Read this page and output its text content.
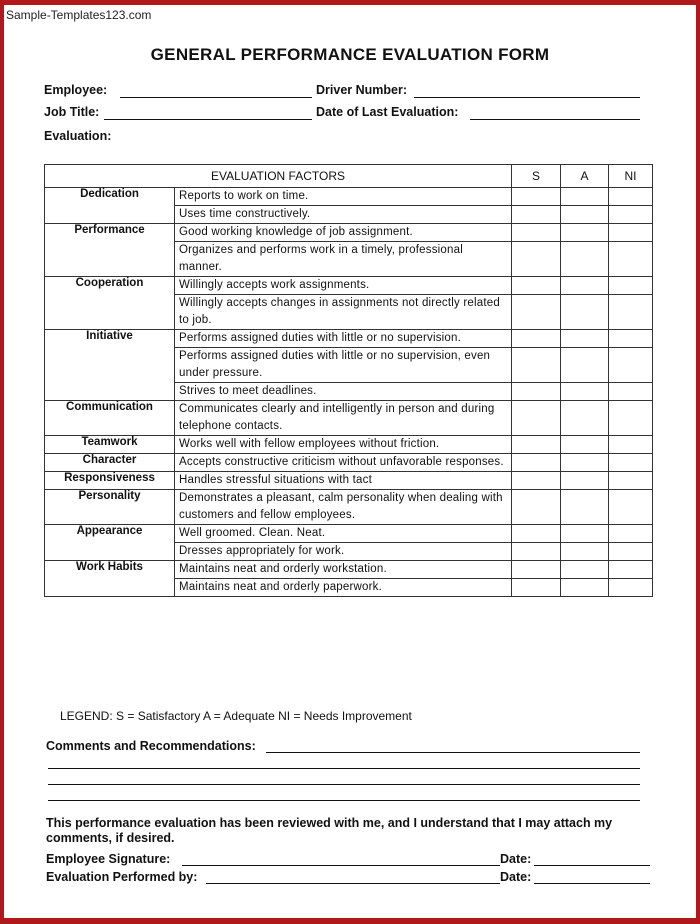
Sample-Templates123.com
GENERAL PERFORMANCE EVALUATION FORM
Employee:	Driver Number:
Job Title:	Date of Last Evaluation:
Evaluation:
EVALUATION FACTORS		S	A	NI
Dedication	Reports to work on time.			
	Uses time constructively.			
Performance	Good working knowledge of job assignment.			
	Organizes and performs work in a timely, professional manner.			
Cooperation	Willingly accepts work assignments.			
	Willingly accepts changes in assignments not directly related to job.			
Initiative	Performs assigned duties with little or no supervision.			
	Performs assigned duties with little or no supervision, even under pressure.			
	Strives to meet deadlines.			
Communication	Communicates clearly and intelligently in person and during telephone contacts.			
Teamwork	Works well with fellow employees without friction.			
Character	Accepts constructive criticism without unfavorable responses.			
Responsiveness	Handles stressful situations with tact			
Personality	Demonstrates a pleasant, calm personality when dealing with customers and fellow employees.			
Appearance	Well groomed. Clean. Neat.			
	Dresses appropriately for work.			
Work Habits	Maintains neat and orderly workstation.			
	Maintains neat and orderly paperwork.			
LEGEND: S = Satisfactory A = Adequate NI = Needs Improvement
Comments and Recommendations:
This performance evaluation has been reviewed with me, and I understand that I may attach my comments, if desired.
Employee Signature:	Date:
Evaluation Performed by:	Date:
